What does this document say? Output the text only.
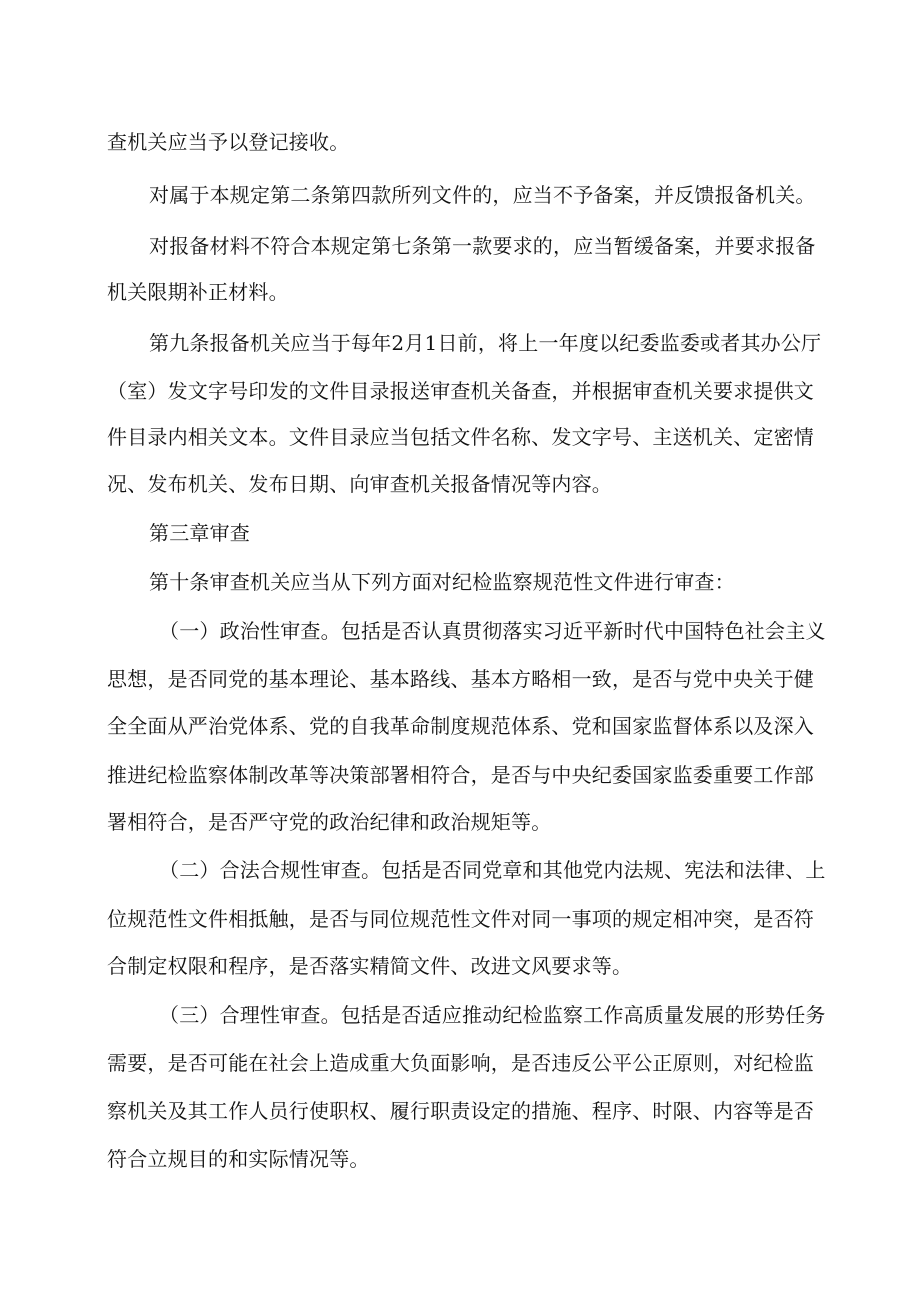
查机关应当予以登记接收。
对属于本规定第二条第四款所列文件的，应当不予备案，并反馈报备机关。
对报备材料不符合本规定第七条第一款要求的，应当暂缓备案，并要求报备
机关限期补正材料。
第九条报备机关应当于每年2月1日前，将上一年度以纪委监委或者其办公厅
（室）发文字号印发的文件目录报送审查机关备查，并根据审查机关要求提供文
件目录内相关文本。文件目录应当包括文件名称、发文字号、主送机关、定密情
况、发布机关、发布日期、向审查机关报备情况等内容。
第三章审查
第十条审查机关应当从下列方面对纪检监察规范性文件进行审查：
（一）政治性审查。包括是否认真贯彻落实习近平新时代中国特色社会主义
思想，是否同党的基本理论、基本路线、基本方略相一致，是否与党中央关于健
全全面从严治党体系、党的自我革命制度规范体系、党和国家监督体系以及深入
推进纪检监察体制改革等决策部署相符合，是否与中央纪委国家监委重要工作部
署相符合，是否严守党的政治纪律和政治规矩等。
（二）合法合规性审查。包括是否同党章和其他党内法规、宪法和法律、上
位规范性文件相抵触，是否与同位规范性文件对同一事项的规定相冲突，是否符
合制定权限和程序，是否落实精简文件、改进文风要求等。
（三）合理性审查。包括是否适应推动纪检监察工作高质量发展的形势任务
需要，是否可能在社会上造成重大负面影响，是否违反公平公正原则，对纪检监
察机关及其工作人员行使职权、履行职责设定的措施、程序、时限、内容等是否
符合立规目的和实际情况等。
